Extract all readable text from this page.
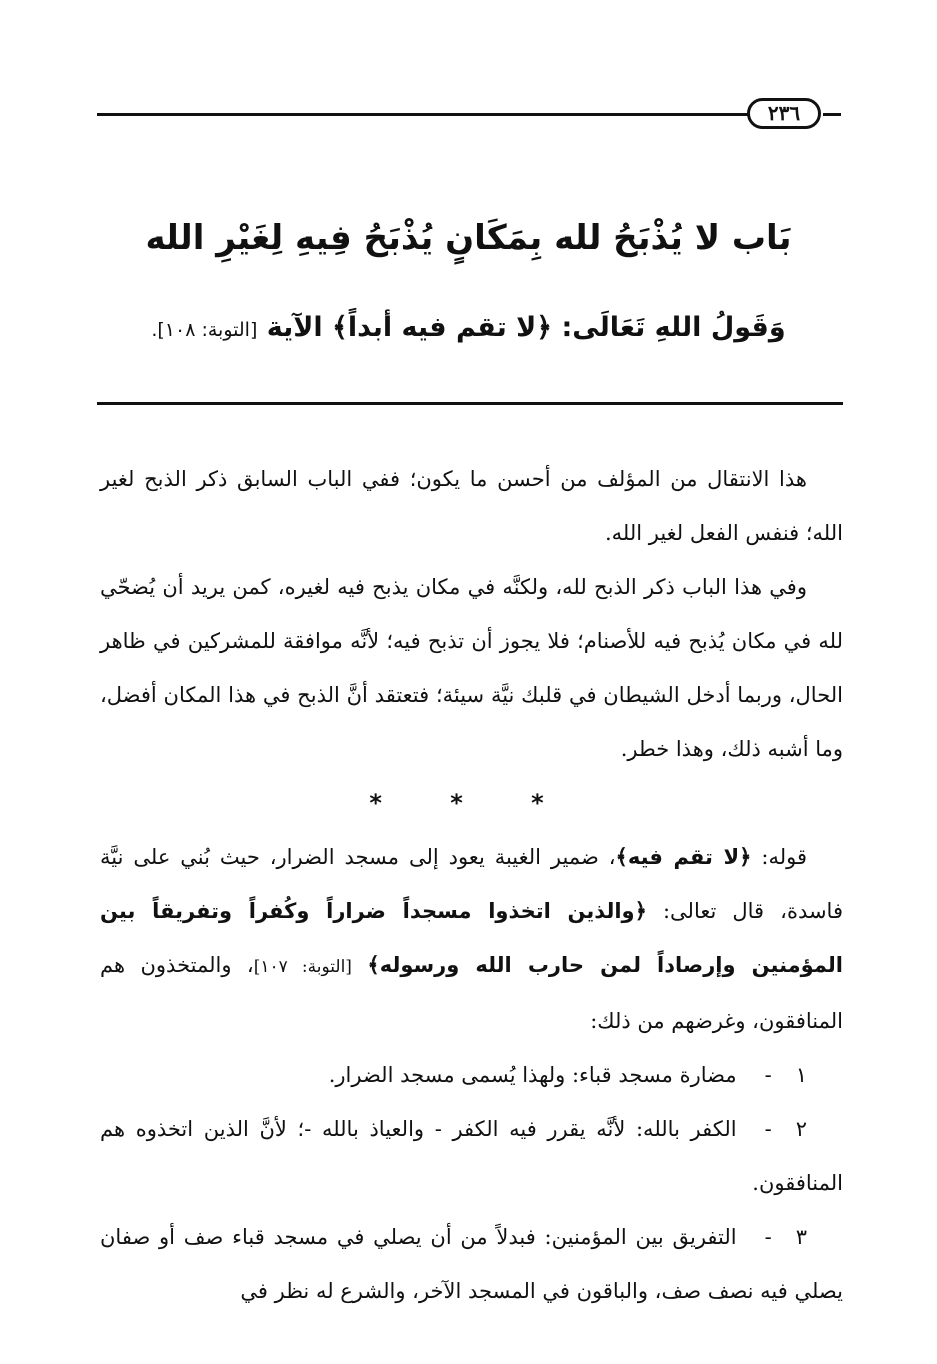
٢٣٦
بَاب لا يُذْبَحُ لله بِمَكَانٍ يُذْبَحُ فِيهِ لِغَيْرِ الله
وَقَولُ اللهِ تَعَالَى: ﴿لا تقم فيه أبداً﴾ الآية [التوبة: ١٠٨].

هذا الانتقال من المؤلف من أحسن ما يكون؛ ففي الباب السابق ذكر الذبح لغير الله؛ فنفس الفعل لغير الله.

وفي هذا الباب ذكر الذبح لله، ولكنَّه في مكان يذبح فيه لغيره، كمن يريد أن يُضحّي لله في مكان يُذبح فيه للأصنام؛ فلا يجوز أن تذبح فيه؛ لأنَّه موافقة للمشركين في ظاهر الحال، وربما أدخل الشيطان في قلبك نيَّة سيئة؛ فتعتقد أنَّ الذبح في هذا المكان أفضل، وما أشبه ذلك، وهذا خطر.

* * *

قوله: ﴿لا تقم فيه﴾، ضمير الغيبة يعود إلى مسجد الضرار، حيث بُني على نيَّة فاسدة، قال تعالى: ﴿والذين اتخذوا مسجداً ضراراً وكُفراً وتفريقاً بين المؤمنين وإرصاداً لمن حارب الله ورسوله﴾ [التوبة: ١٠٧]، والمتخذون هم المنافقون، وغرضهم من ذلك:

١-مضارة مسجد قباء: ولهذا يُسمى مسجد الضرار.

٢-الكفر بالله: لأنَّه يقرر فيه الكفر - والعياذ بالله -؛ لأنَّ الذين اتخذوه هم المنافقون.

٣-التفريق بين المؤمنين: فبدلاً من أن يصلي في مسجد قباء صف أو صفان يصلي فيه نصف صف، والباقون في المسجد الآخر، والشرع له نظر في
